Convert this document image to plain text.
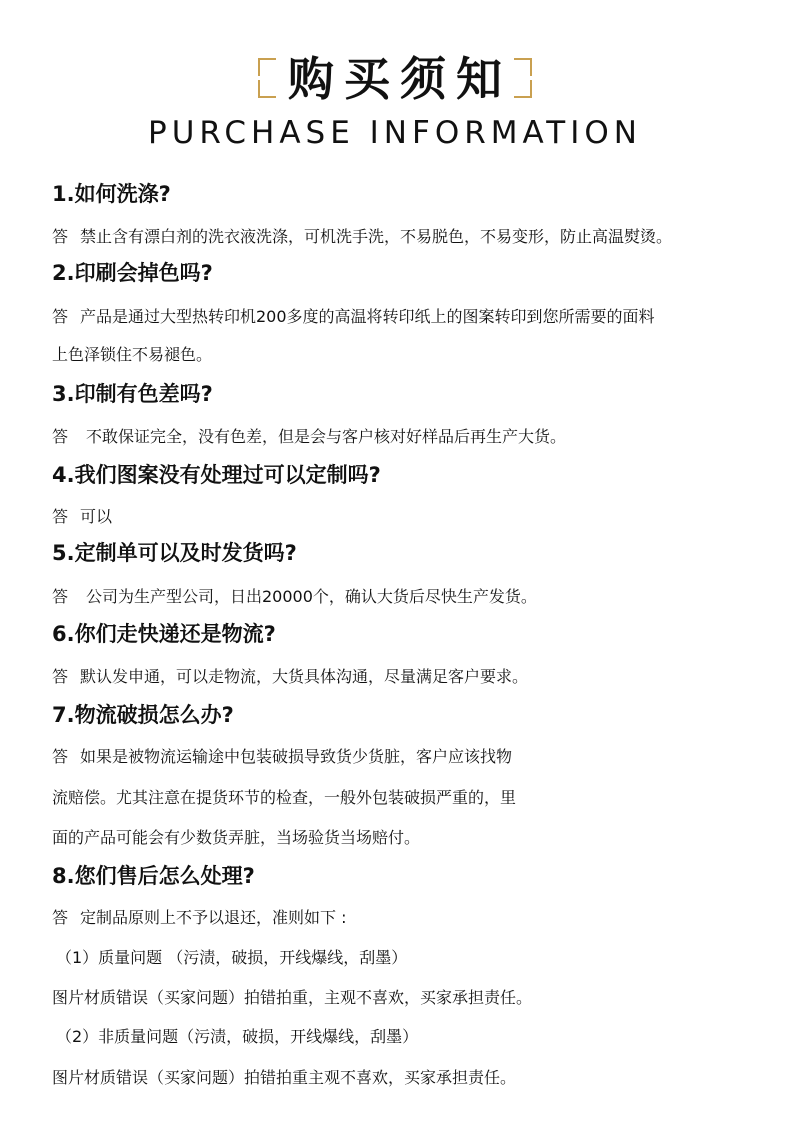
购买须知
PURCHASE INFORMATION
1.如何洗涤?
答 禁止含有漂白剂的洗衣液洗涤，可机洗手洗，不易脱色，不易变形，防止高温熨烫。
2.印刷会掉色吗?
答 产品是通过大型热转印机200多度的高温将转印纸上的图案转印到您所需要的面料
上色泽锁住不易褪色。
3.印制有色差吗?
答 不敢保证完全，没有色差，但是会与客户核对好样品后再生产大货。
4.我们图案没有处理过可以定制吗?
答 可以
5.定制单可以及时发货吗?
答 公司为生产型公司，日出20000个，确认大货后尽快生产发货。
6.你们走快递还是物流?
答 默认发申通，可以走物流，大货具体沟通，尽量满足客户要求。
7.物流破损怎么办?
答 如果是被物流运输途中包装破损导致货少货脏，客户应该找物
流赔偿。尤其注意在提货环节的检查，一般外包装破损严重的，里
面的产品可能会有少数货弄脏，当场验货当场赔付。
8.您们售后怎么处理?
答 定制品原则上不予以退还，准则如下 :
（1）质量问题 （污渍，破损，开线爆线，刮墨）
图片材质错误（买家问题）拍错拍重，主观不喜欢，买家承担责任。
（2）非质量问题（污渍，破损，开线爆线，刮墨）
图片材质错误（买家问题）拍错拍重主观不喜欢，买家承担责任。
